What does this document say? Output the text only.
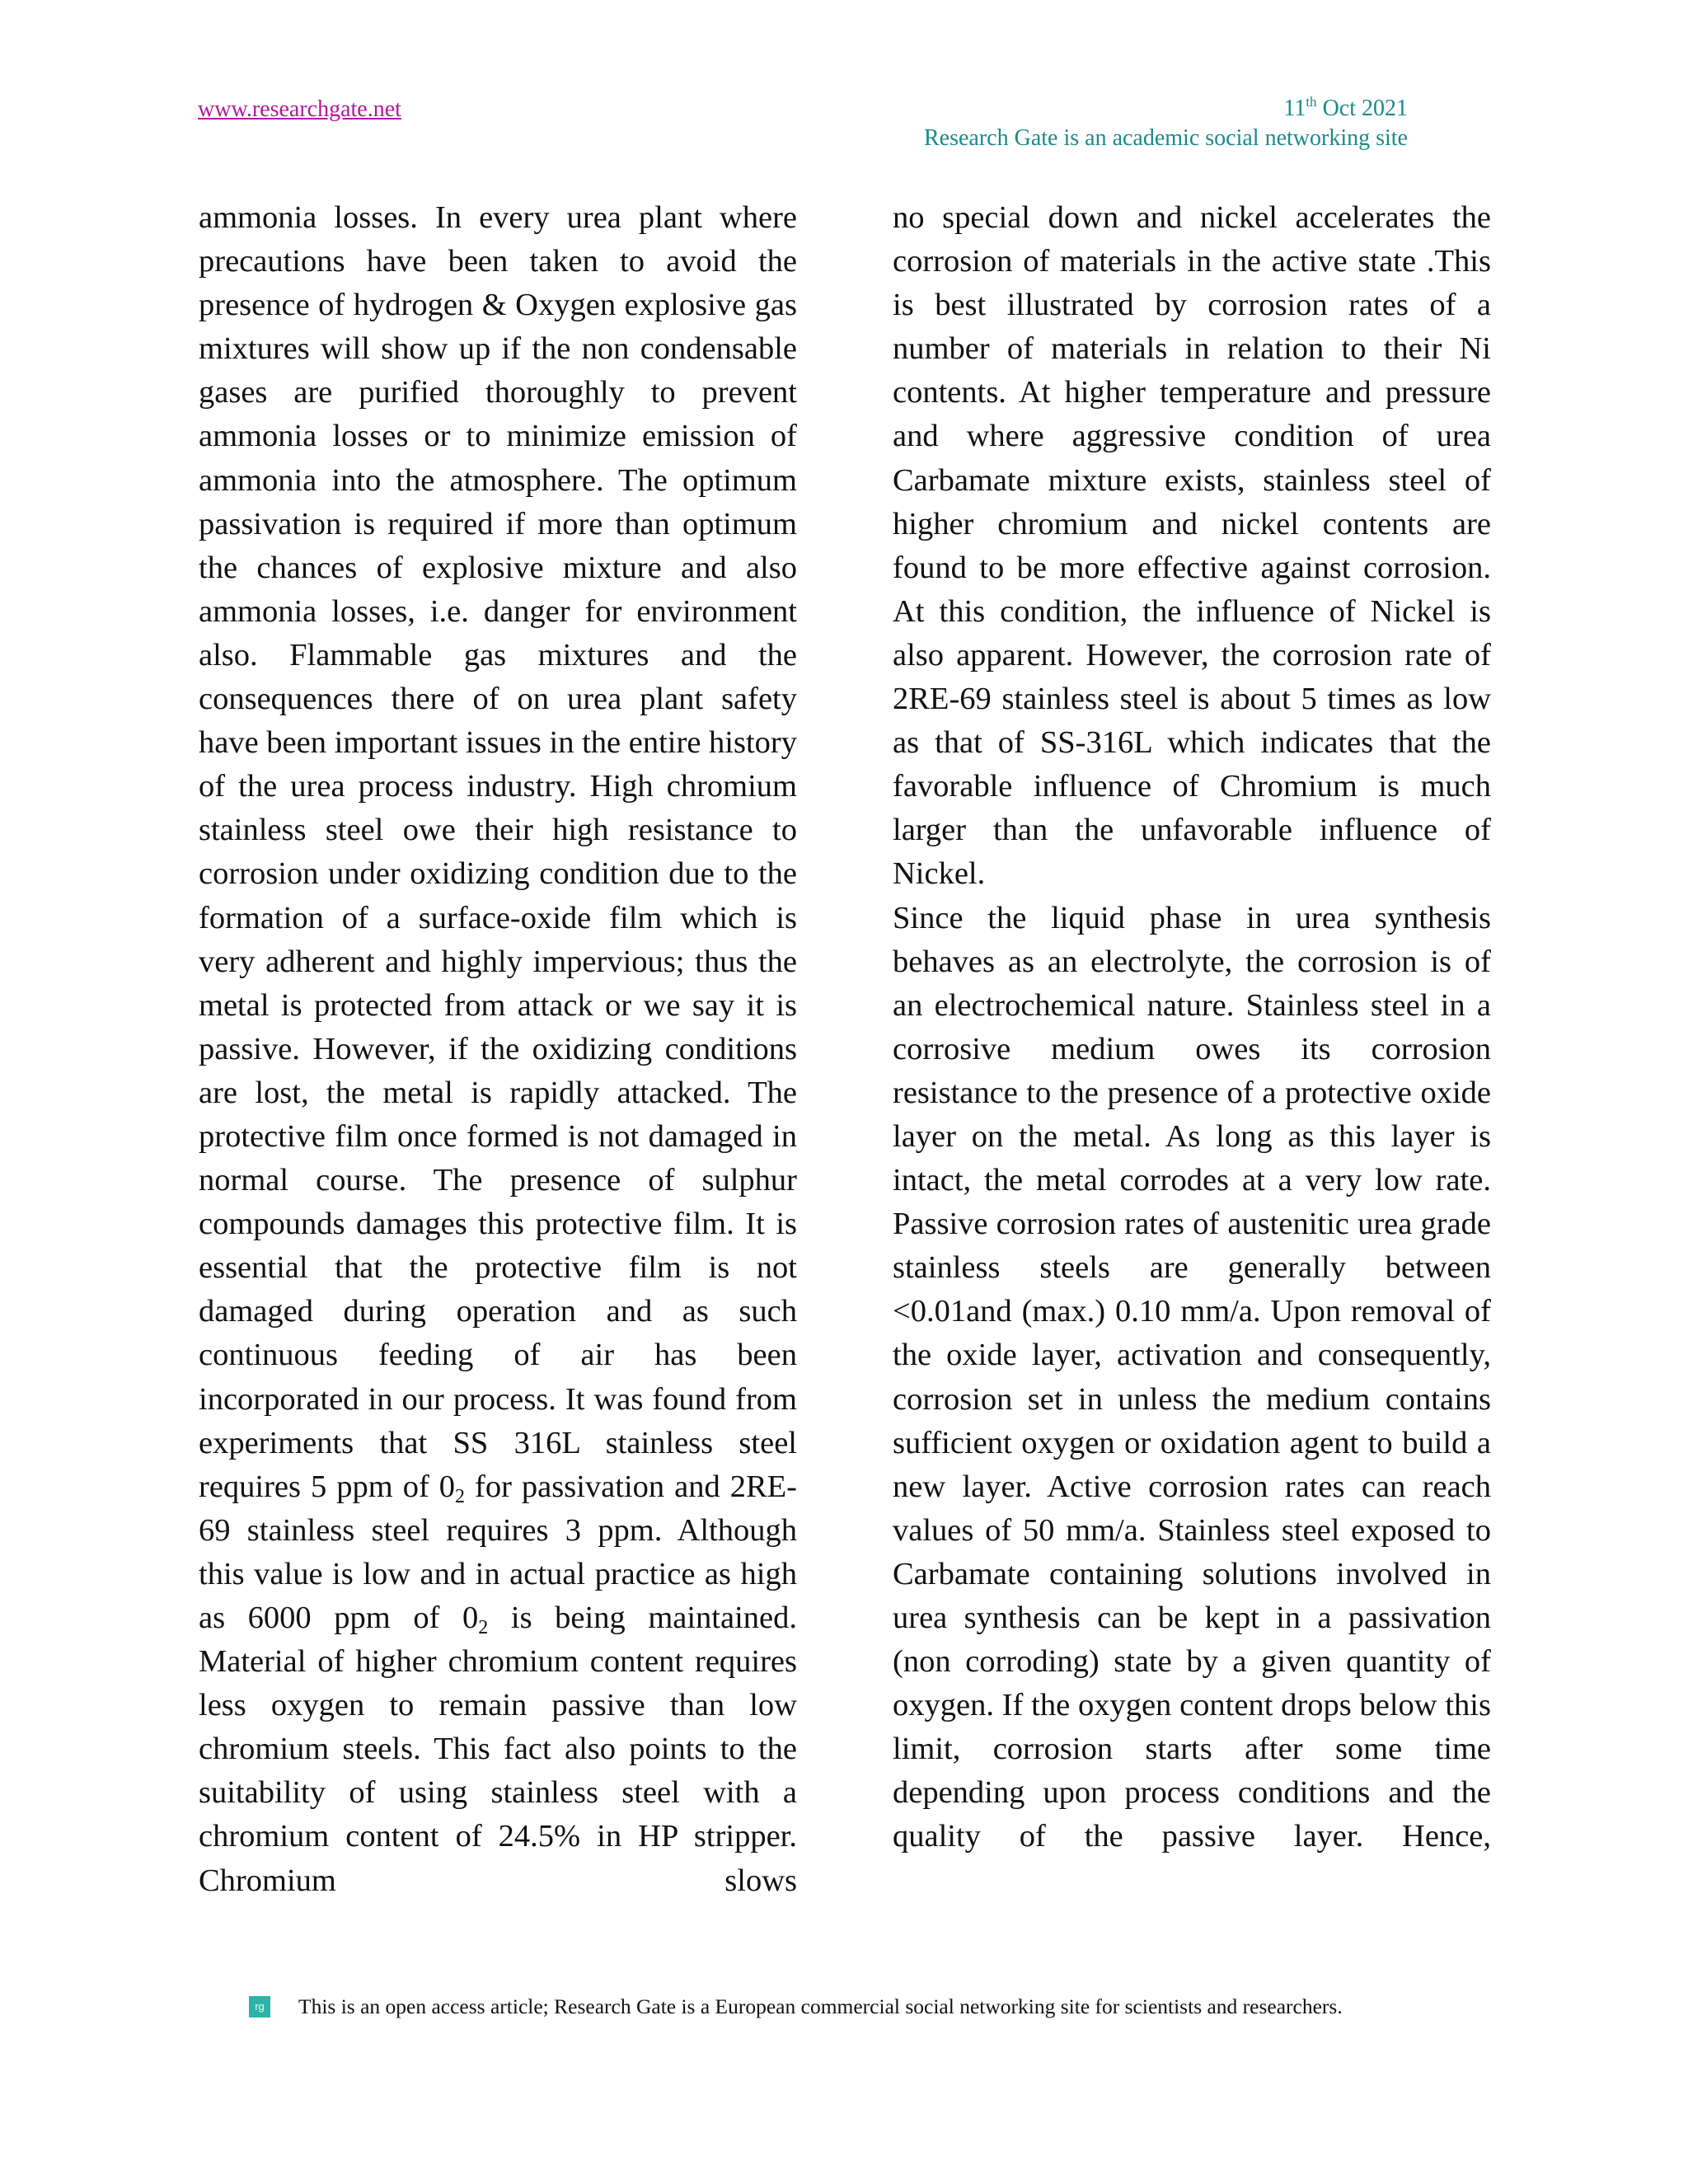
www.researchgate.net	11th Oct 2021
Research Gate is an academic social networking site

ammonia losses. In every urea plant where precautions have been taken to avoid the presence of hydrogen & Oxygen explosive gas mixtures will show up if the non condensable gases are purified thoroughly to prevent ammonia losses or to minimize emission of ammonia into the atmosphere. The optimum passivation is required if more than optimum the chances of explosive mixture and also ammonia losses, i.e. danger for environment also. Flammable gas mixtures and the consequences there of on urea plant safety have been important issues in the entire history of the urea process industry. High chromium stainless steel owe their high resistance to corrosion under oxidizing condition due to the formation of a surface-oxide film which is very adherent and highly impervious; thus the metal is protected from attack or we say it is passive. However, if the oxidizing conditions are lost, the metal is rapidly attacked. The protective film once formed is not damaged in normal course. The presence of sulphur compounds damages this protective film. It is essential that the protective film is not damaged during operation and as such continuous feeding of air has been incorporated in our process. It was found from experiments that SS 316L stainless steel requires 5 ppm of $0_2$ for passivation and 2RE-69 stainless steel requires 3 ppm. Although this value is low and in actual practice as high as 6000 ppm of $0_2$ is being maintained. Material of higher chromium content requires less oxygen to remain passive than low chromium steels. This fact also points to the suitability of using stainless steel with a chromium content of 24.5% in HP stripper. Chromium slows

no special down and nickel accelerates the corrosion of materials in the active state .This is best illustrated by corrosion rates of a number of materials in relation to their Ni contents. At higher temperature and pressure and where aggressive condition of urea Carbamate mixture exists, stainless steel of higher chromium and nickel contents are found to be more effective against corrosion. At this condition, the influence of Nickel is also apparent. However, the corrosion rate of 2RE-69 stainless steel is about 5 times as low as that of SS-316L which indicates that the favorable influence of Chromium is much larger than the unfavorable influence of Nickel.

Since the liquid phase in urea synthesis behaves as an electrolyte, the corrosion is of an electrochemical nature. Stainless steel in a corrosive medium owes its corrosion resistance to the presence of a protective oxide layer on the metal. As long as this layer is intact, the metal corrodes at a very low rate. Passive corrosion rates of austenitic urea grade stainless steels are generally between <0.01and (max.) 0.10 mm/a. Upon removal of the oxide layer, activation and consequently, corrosion set in unless the medium contains sufficient oxygen or oxidation agent to build a new layer. Active corrosion rates can reach values of 50 mm/a. Stainless steel exposed to Carbamate containing solutions involved in urea synthesis can be kept in a passivation (non corroding) state by a given quantity of oxygen. If the oxygen content drops below this limit, corrosion starts after some time depending upon process conditions and the quality of the passive layer. Hence,

rg This is an open access article; Research Gate is a European commercial social networking site for scientists and researchers.
